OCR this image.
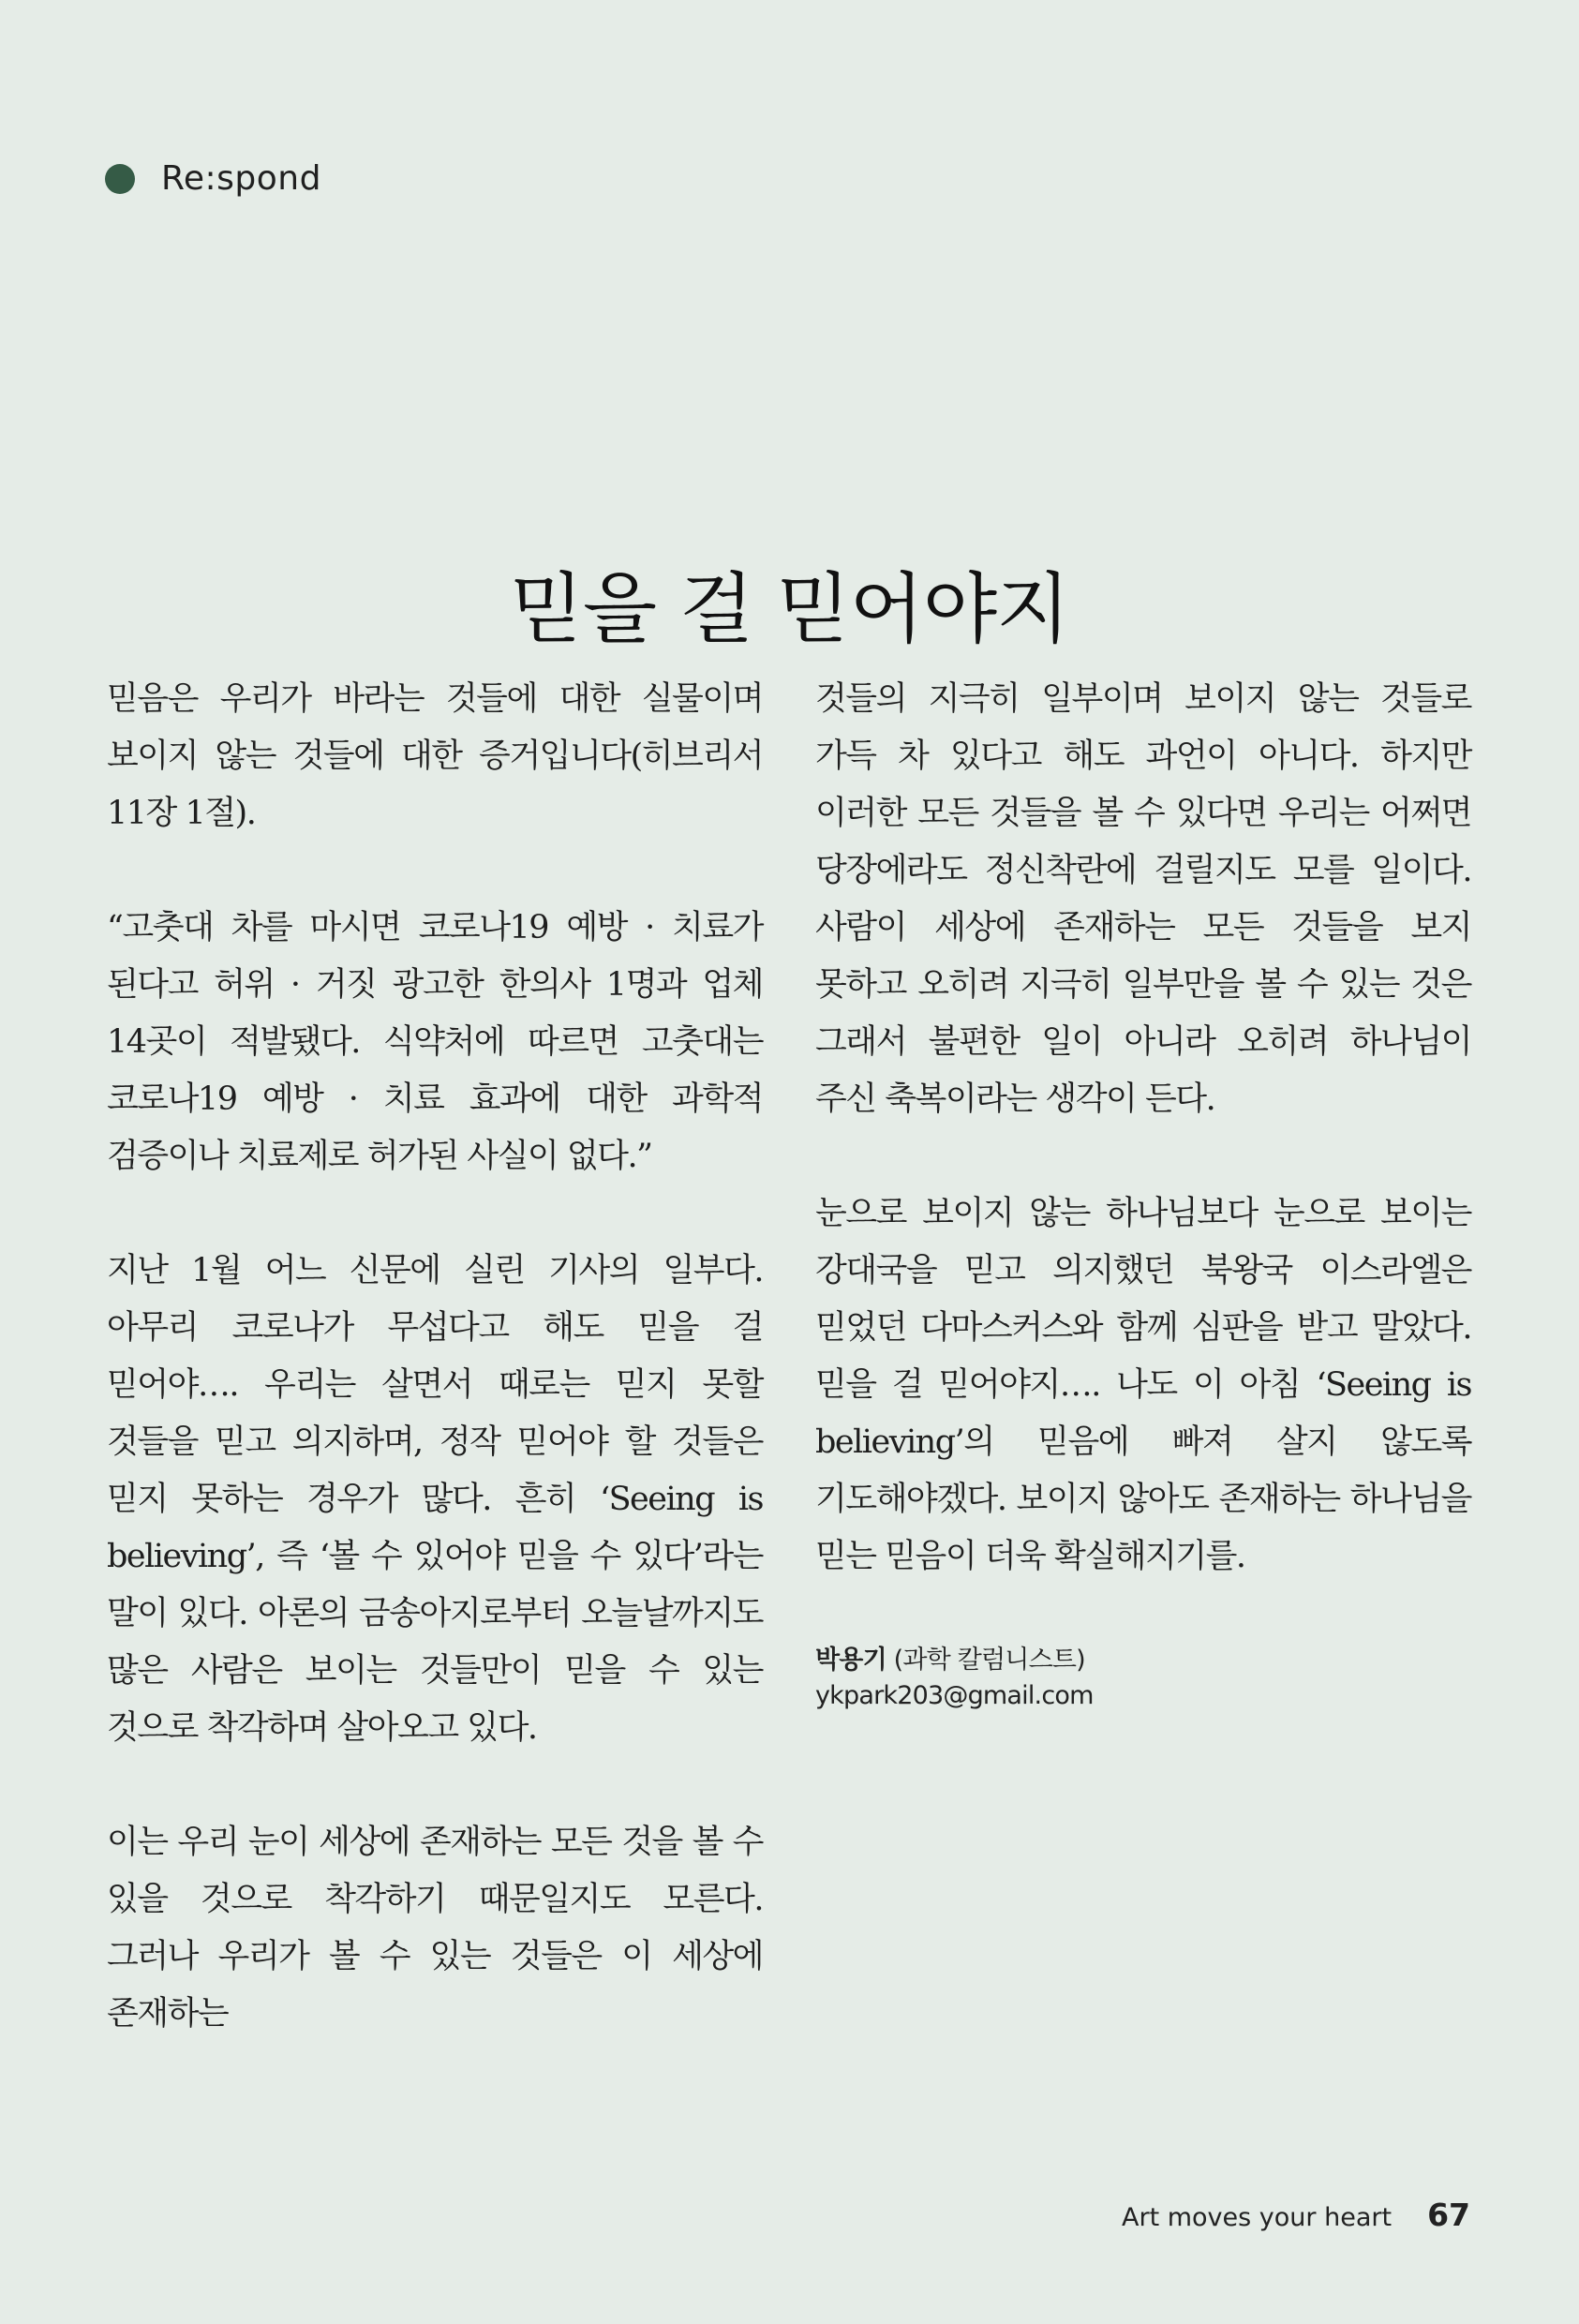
Re:spond
믿을 걸 믿어야지

믿음은 우리가 바라는 것들에 대한 실물이며 보이지 않는 것들에 대한 증거입니다(히브리서 11장 1절).

“고춧대 차를 마시면 코로나19 예방 · 치료가 된다고 허위 · 거짓 광고한 한의사 1명과 업체 14곳이 적발됐다. 식약처에 따르면 고춧대는 코로나19 예방 · 치료 효과에 대한 과학적 검증이나 치료제로 허가된 사실이 없다.”

지난 1월 어느 신문에 실린 기사의 일부다. 아무리 코로나가 무섭다고 해도 믿을 걸 믿어야…. 우리는 살면서 때로는 믿지 못할 것들을 믿고 의지하며, 정작 믿어야 할 것들은 믿지 못하는 경우가 많다. 흔히 ‘Seeing is believing’, 즉 ‘볼 수 있어야 믿을 수 있다’라는 말이 있다. 아론의 금송아지로부터 오늘날까지도 많은 사람은 보이는 것들만이 믿을 수 있는 것으로 착각하며 살아오고 있다.

이는 우리 눈이 세상에 존재하는 모든 것을 볼 수 있을 것으로 착각하기 때문일지도 모른다. 그러나 우리가 볼 수 있는 것들은 이 세상에 존재하는

것들의 지극히 일부이며 보이지 않는 것들로 가득 차 있다고 해도 과언이 아니다. 하지만 이러한 모든 것들을 볼 수 있다면 우리는 어쩌면 당장에라도 정신착란에 걸릴지도 모를 일이다. 사람이 세상에 존재하는 모든 것들을 보지 못하고 오히려 지극히 일부만을 볼 수 있는 것은 그래서 불편한 일이 아니라 오히려 하나님이 주신 축복이라는 생각이 든다.

눈으로 보이지 않는 하나님보다 눈으로 보이는 강대국을 믿고 의지했던 북왕국 이스라엘은 믿었던 다마스커스와 함께 심판을 받고 말았다. 믿을 걸 믿어야지…. 나도 이 아침 ‘Seeing is believing’의 믿음에 빠져 살지 않도록 기도해야겠다. 보이지 않아도 존재하는 하나님을 믿는 믿음이 더욱 확실해지기를.

박용기 (과학 칼럼니스트)
ykpark203@gmail.com
Art moves your heart 67
